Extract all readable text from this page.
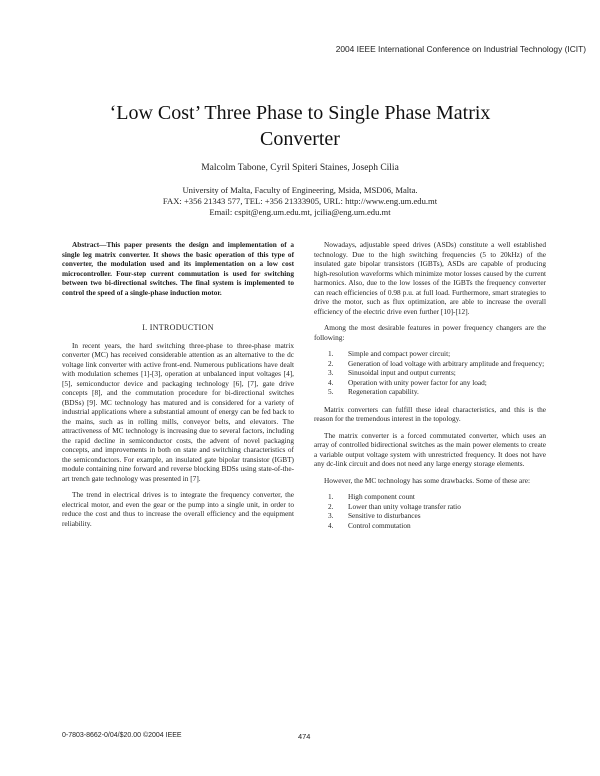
2004 IEEE International Conference on Industrial Technology (ICIT)
‘Low Cost’ Three Phase to Single Phase Matrix
Converter
Malcolm Tabone, Cyril Spiteri Staines, Joseph Cilia
University of Malta, Faculty of Engineering, Msida, MSD06, Malta.
FAX: +356 21343 577, TEL: +356 21333905, URL: http://www.eng.um.edu.mt
Email: cspit@eng.um.edu.mt, jcilia@eng.um.edu.mt
Abstract—This paper presents the design and implementation of a single leg matrix converter. It shows the basic operation of this type of converter, the modulation used and its implementation on a low cost microcontroller. Four-step current commutation is used for switching between two bi-directional switches. The final system is implemented to control the speed of a single-phase induction motor.
I. INTRODUCTION

In recent years, the hard switching three-phase to three-phase matrix converter (MC) has received considerable attention as an alternative to the dc voltage link converter with active front-end. Numerous publications have dealt with modulation schemes [1]-[3], operation at unbalanced input voltages [4], [5], semiconductor device and packaging technology [6], [7], gate drive concepts [8], and the commutation procedure for bi-directional switches (BDSs) [9]. MC technology has matured and is considered for a variety of industrial applications where a substantial amount of energy can be fed back to the mains, such as in rolling mills, conveyor belts, and elevators. The attractiveness of MC technology is increasing due to several factors, including the rapid decline in semiconductor costs, the advent of novel packaging concepts, and improvements in both on state and switching characteristics of the semiconductors. For example, an insulated gate bipolar transistor (IGBT) module containing nine forward and reverse blocking BDSs using state-of-the-art trench gate technology was presented in [7].

The trend in electrical drives is to integrate the frequency converter, the electrical motor, and even the gear or the pump into a single unit, in order to reduce the cost and thus to increase the overall efficiency and the equipment reliability.

Nowadays, adjustable speed drives (ASDs) constitute a well established technology. Due to the high switching frequencies (5 to 20kHz) of the insulated gate bipolar transistors (IGBTs), ASDs are capable of producing high-resolution waveforms which minimize motor losses caused by the current harmonics. Also, due to the low losses of the IGBTs the frequency converter can reach efficiencies of 0.98 p.u. at full load. Furthermore, smart strategies to drive the motor, such as flux optimization, are able to increase the overall efficiency of the electric drive even further [10]-[12].

Among the most desirable features in power frequency changers are the following:

1. Simple and compact power circuit;
2. Generation of load voltage with arbitrary amplitude and frequency;
3. Sinusoidal input and output currents;
4. Operation with unity power factor for any load;
5. Regeneration capability.

Matrix converters can fulfill these ideal characteristics, and this is the reason for the tremendous interest in the topology.

The matrix converter is a forced commutated converter, which uses an array of controlled bidirectional switches as the main power elements to create a variable output voltage system with unrestricted frequency. It does not have any dc-link circuit and does not need any large energy storage elements.

However, the MC technology has some drawbacks. Some of these are:

1. High component count
2. Lower than unity voltage transfer ratio
3. Sensitive to disturbances
4. Control commutation
0-7803-8662-0/04/$20.00 ©2004 IEEE	474
